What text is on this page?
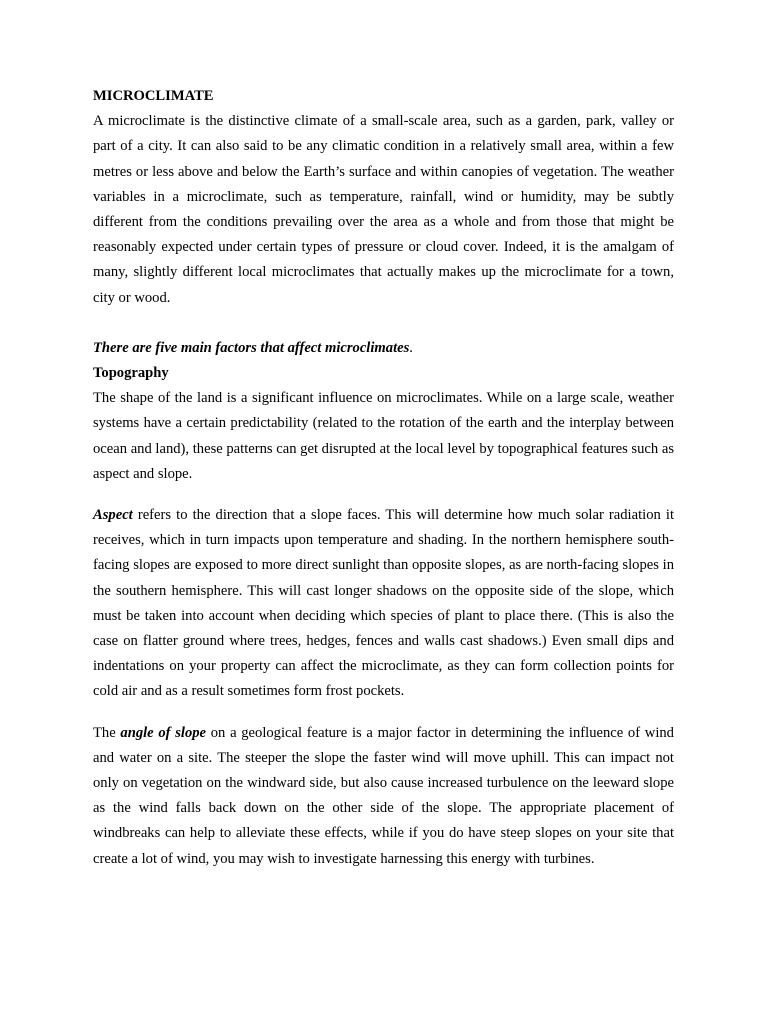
MICROCLIMATE

A microclimate is the distinctive climate of a small-scale area, such as a garden, park, valley or part of a city. It can also said to be any climatic condition in a relatively small area, within a few metres or less above and below the Earth’s surface and within canopies of vegetation. The weather variables in a microclimate, such as temperature, rainfall, wind or humidity, may be subtly different from the conditions prevailing over the area as a whole and from those that might be reasonably expected under certain types of pressure or cloud cover. Indeed, it is the amalgam of many, slightly different local microclimates that actually makes up the microclimate for a town, city or wood.

There are five main factors that affect microclimates.

Topography

The shape of the land is a significant influence on microclimates. While on a large scale, weather systems have a certain predictability (related to the rotation of the earth and the interplay between ocean and land), these patterns can get disrupted at the local level by topographical features such as aspect and slope.

Aspect refers to the direction that a slope faces. This will determine how much solar radiation it receives, which in turn impacts upon temperature and shading. In the northern hemisphere south-facing slopes are exposed to more direct sunlight than opposite slopes, as are north-facing slopes in the southern hemisphere. This will cast longer shadows on the opposite side of the slope, which must be taken into account when deciding which species of plant to place there. (This is also the case on flatter ground where trees, hedges, fences and walls cast shadows.) Even small dips and indentations on your property can affect the microclimate, as they can form collection points for cold air and as a result sometimes form frost pockets.

The angle of slope on a geological feature is a major factor in determining the influence of wind and water on a site. The steeper the slope the faster wind will move uphill. This can impact not only on vegetation on the windward side, but also cause increased turbulence on the leeward slope as the wind falls back down on the other side of the slope. The appropriate placement of windbreaks can help to alleviate these effects, while if you do have steep slopes on your site that create a lot of wind, you may wish to investigate harnessing this energy with turbines.
